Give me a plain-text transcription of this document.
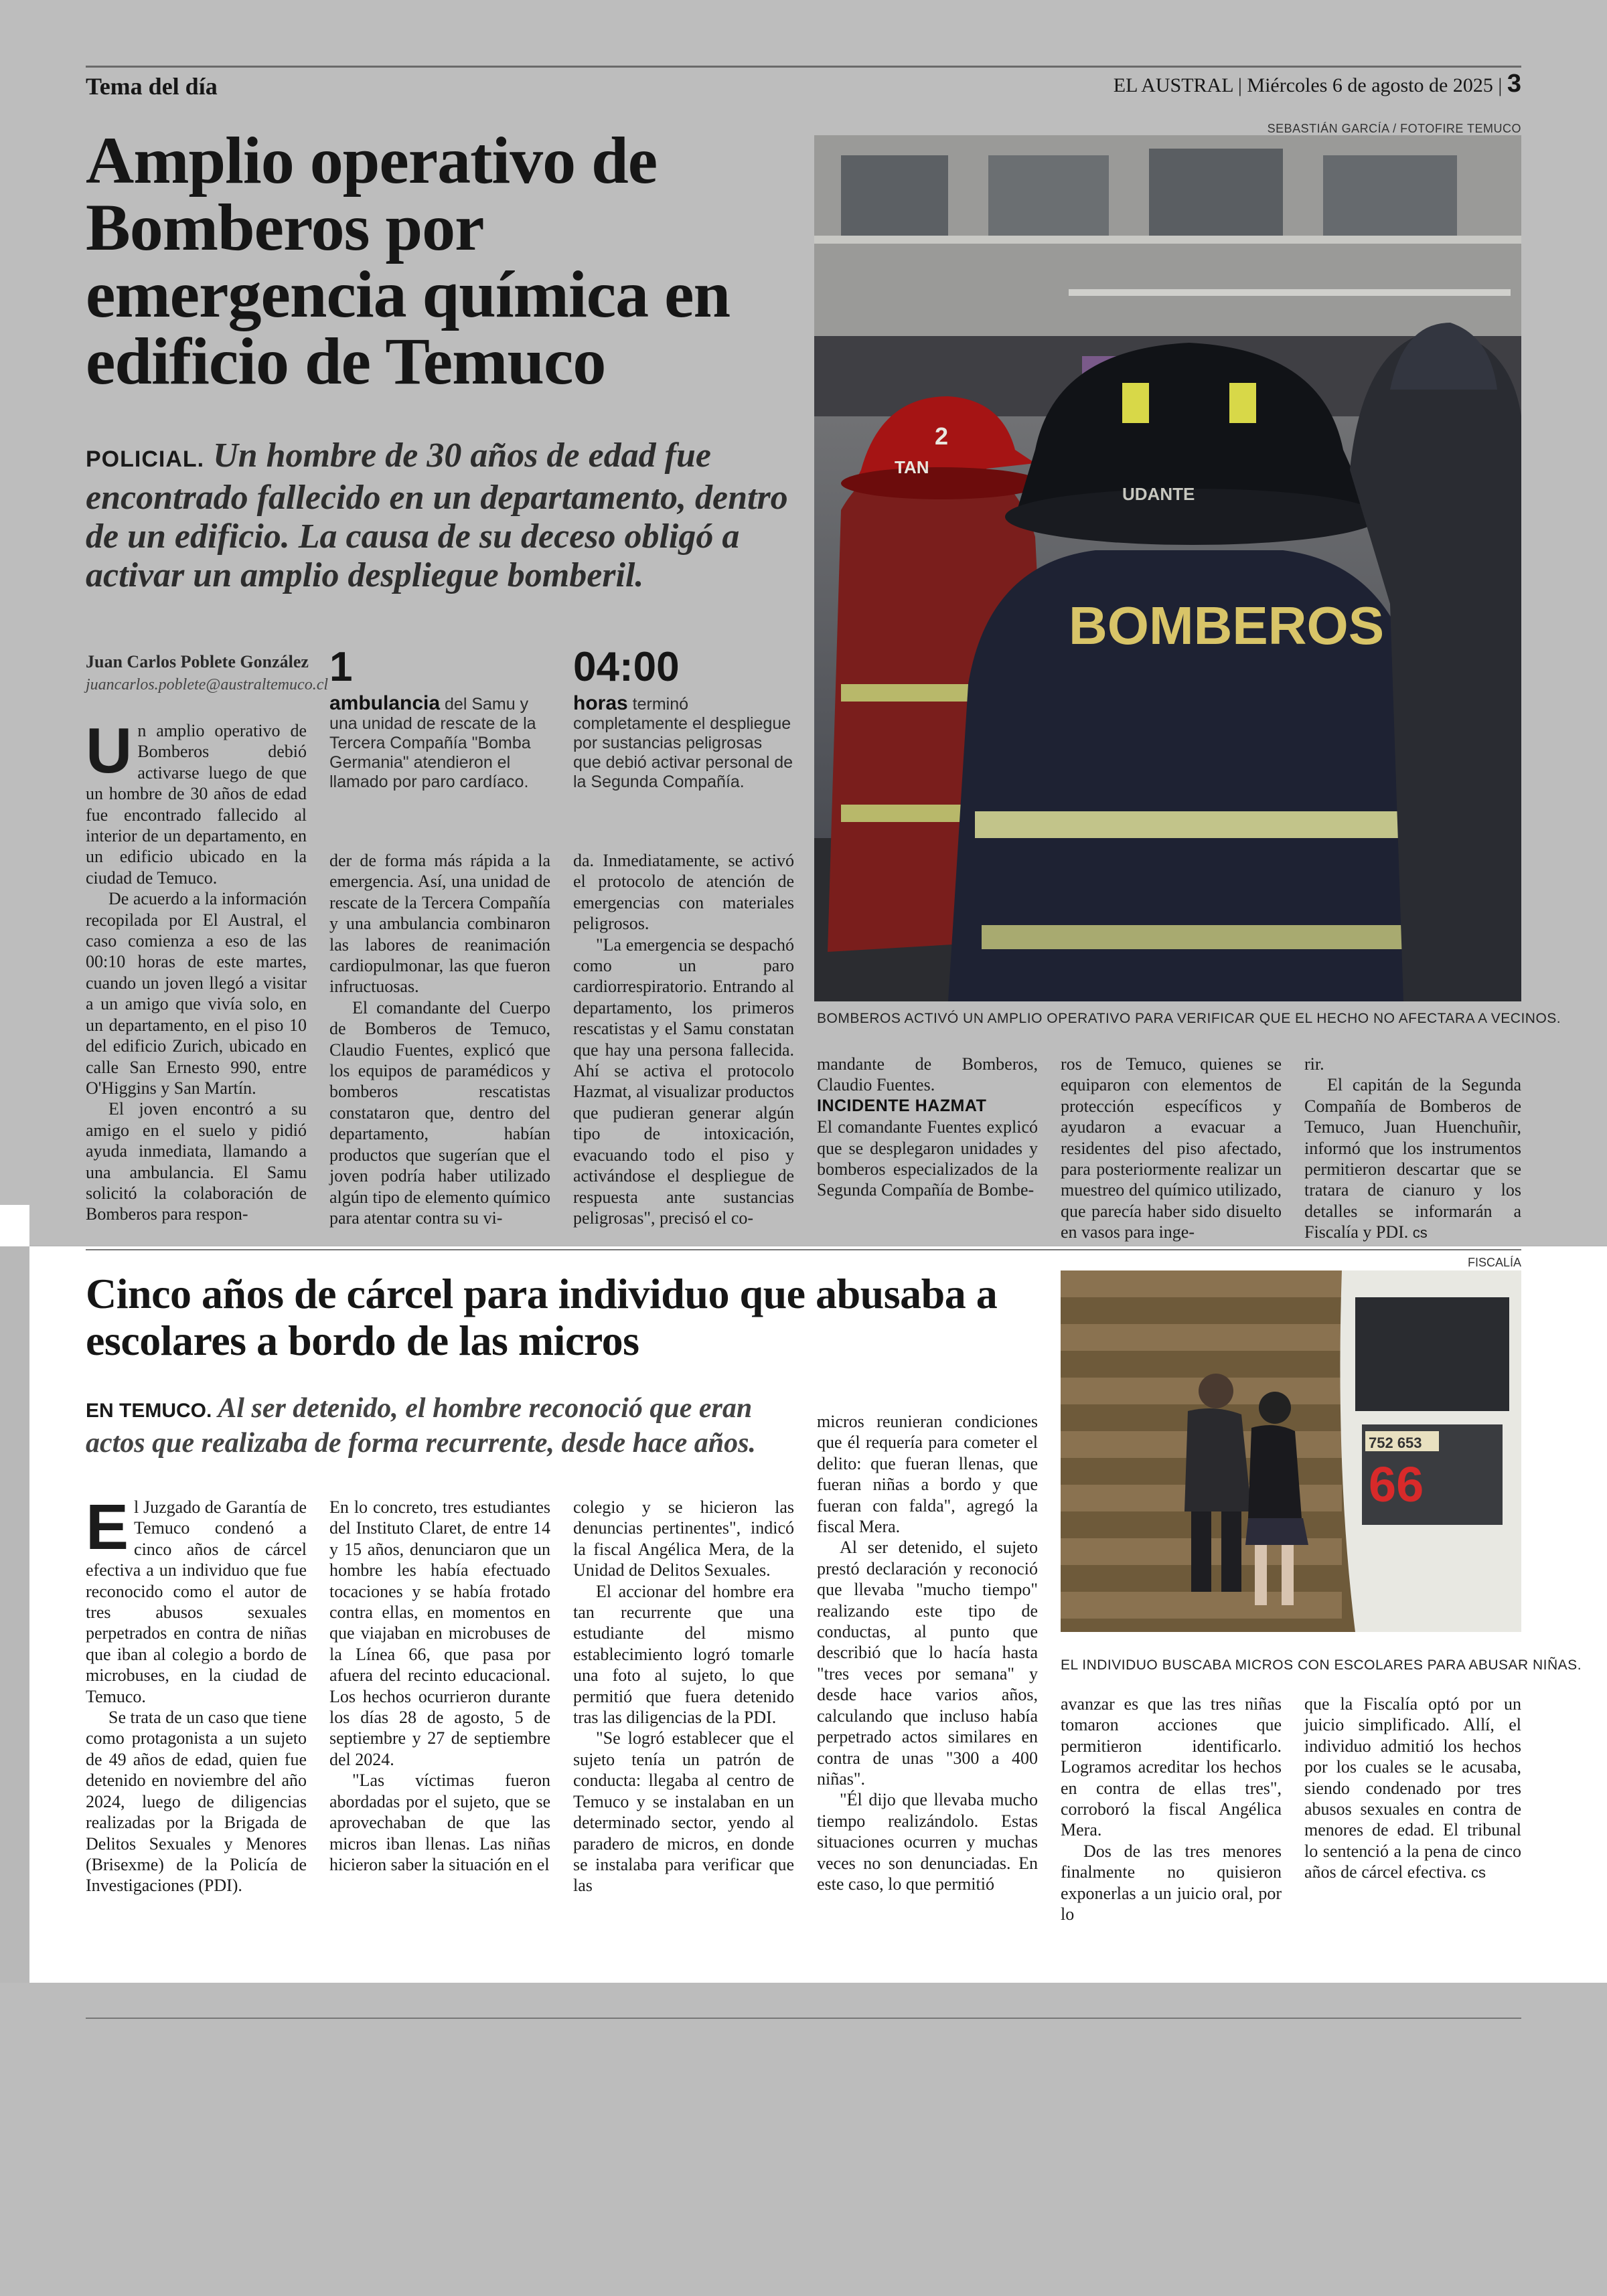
Tema del día	EL AUSTRAL | Miércoles 6 de agosto de 2025 | 3
Amplio operativo de Bomberos por emergencia química en edificio de Temuco
POLICIAL. Un hombre de 30 años de edad fue encontrado fallecido en un departamento, dentro de un edificio. La causa de su deceso obligó a activar un amplio despliegue bomberil.
SEBASTIÁN GARCÍA / FOTOFIRE TEMUCO
2
TAN
UDANTE
BOMBEROS
BOMBEROS ACTIVÓ UN AMPLIO OPERATIVO PARA VERIFICAR QUE EL HECHO NO AFECTARA A VECINOS.
Juan Carlos Poblete González
juancarlos.poblete@australtemuco.cl 1
ambulancia del Samu y una unidad de rescate de la Tercera Compañía "Bomba Germania" atendieron el llamado por paro cardíaco.
04:00
horas terminó completamente el despliegue por sustancias peligrosas que debió activar personal de la Segunda Compañía.

Un amplio operativo de Bomberos debió activarse luego de que un hombre de 30 años de edad fue encontrado fallecido al interior de un departamento, en un edificio ubicado en la ciudad de Temuco.

De acuerdo a la información recopilada por El Austral, el caso comienza a eso de las 00:10 horas de este martes, cuando un joven llegó a visitar a un amigo que vivía solo, en un departamento, en el piso 10 del edificio Zurich, ubicado en calle San Ernesto 990, entre O'Higgins y San Martín.

El joven encontró a su amigo en el suelo y pidió ayuda inmediata, llamando a una ambulancia. El Samu solicitó la colaboración de Bomberos para respon-

der de forma más rápida a la emergencia. Así, una unidad de rescate de la Tercera Compañía y una ambulancia combinaron las labores de reanimación cardiopulmonar, las que fueron infructuosas.

El comandante del Cuerpo de Bomberos de Temuco, Claudio Fuentes, explicó que los equipos de paramédicos y bomberos rescatistas constataron que, dentro del departamento, habían productos que sugerían que el joven podría haber utilizado algún tipo de elemento químico para atentar contra su vi-

da. Inmediatamente, se activó el protocolo de atención de emergencias con materiales peligrosos.

"La emergencia se despachó como un paro cardiorrespiratorio. Entrando al departamento, los primeros rescatistas y el Samu constatan que hay una persona fallecida. Ahí se activa el protocolo Hazmat, al visualizar productos que pudieran generar algún tipo de intoxicación, evacuando todo el piso y activándose el despliegue de respuesta ante sustancias peligrosas", precisó el co-

mandante de Bomberos, Claudio Fuentes.

INCIDENTE HAZMAT

El comandante Fuentes explicó que se desplegaron unidades y bomberos especializados de la Segunda Compañía de Bombe-

ros de Temuco, quienes se equiparon con elementos de protección específicos y ayudaron a evacuar a residentes del piso afectado, para posteriormente realizar un muestreo del químico utilizado, que parecía haber sido disuelto en vasos para inge-

rir.

El capitán de la Segunda Compañía de Bomberos de Temuco, Juan Huenchuñir, informó que los instrumentos permitieron descartar que se tratara de cianuro y los detalles se informarán a Fiscalía y PDI. cs

Cinco años de cárcel para individuo que abusaba a escolares a bordo de las micros
EN TEMUCO. Al ser detenido, el hombre reconoció que eran actos que realizaba de forma recurrente, desde hace años.
FISCALÍA
752 653
66
EL INDIVIDUO BUSCABA MICROS CON ESCOLARES PARA ABUSAR NIÑAS.

El Juzgado de Garantía de Temuco condenó a cinco años de cárcel efectiva a un individuo que fue reconocido como el autor de tres abusos sexuales perpetrados en contra de niñas que iban al colegio a bordo de microbuses, en la ciudad de Temuco.

Se trata de un caso que tiene como protagonista a un sujeto de 49 años de edad, quien fue detenido en noviembre del año 2024, luego de diligencias realizadas por la Brigada de Delitos Sexuales y Menores (Brisexme) de la Policía de Investigaciones (PDI).

En lo concreto, tres estudiantes del Instituto Claret, de entre 14 y 15 años, denunciaron que un hombre les había efectuado tocaciones y se había frotado contra ellas, en momentos en que viajaban en microbuses de la Línea 66, que pasa por afuera del recinto educacional. Los hechos ocurrieron durante los días 28 de agosto, 5 de septiembre y 27 de septiembre del 2024.

"Las víctimas fueron abordadas por el sujeto, que se aprovechaban de que las micros iban llenas. Las niñas hicieron saber la situación en el

colegio y se hicieron las denuncias pertinentes", indicó la fiscal Angélica Mera, de la Unidad de Delitos Sexuales.

El accionar del hombre era tan recurrente que una estudiante del mismo establecimiento logró tomarle una foto al sujeto, lo que permitió que fuera detenido tras las diligencias de la PDI.

"Se logró establecer que el sujeto tenía un patrón de conducta: llegaba al centro de Temuco y se instalaban en un determinado sector, yendo al paradero de micros, en donde se instalaba para verificar que las

micros reunieran condiciones que él requería para cometer el delito: que fueran llenas, que fueran niñas a bordo y que fueran con falda", agregó la fiscal Mera.

Al ser detenido, el sujeto prestó declaración y reconoció que llevaba "mucho tiempo" realizando este tipo de conductas, al punto que describió que lo hacía hasta "tres veces por semana" y desde hace varios años, calculando que incluso había perpetrado actos similares en contra de unas "300 a 400 niñas".

"Él dijo que llevaba mucho tiempo realizándolo. Estas situaciones ocurren y muchas veces no son denunciadas. En este caso, lo que permitió

avanzar es que las tres niñas tomaron acciones que permitieron identificarlo. Logramos acreditar los hechos en contra de ellas tres", corroboró la fiscal Angélica Mera.

Dos de las tres menores finalmente no quisieron exponerlas a un juicio oral, por lo

que la Fiscalía optó por un juicio simplificado. Allí, el individuo admitió los hechos por los cuales se le acusaba, siendo condenado por tres abusos sexuales en contra de menores de edad. El tribunal lo sentenció a la pena de cinco años de cárcel efectiva. cs
